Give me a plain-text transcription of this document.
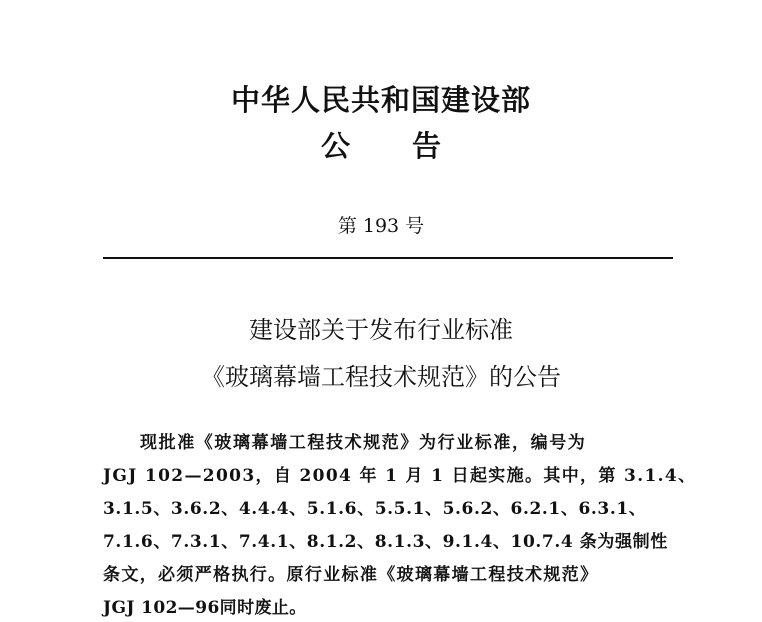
中华人民共和国建设部
公 告
第 193 号
建设部关于发布行业标准
《玻璃幕墙工程技术规范》的公告
现批准《玻璃幕墙工程技术规范》为行业标准，编号为
JGJ 102—2003，自 2004 年 1 月 1 日起实施。其中，第 3.1.4、
3.1.5、3.6.2、4.4.4、5.1.6、5.5.1、5.6.2、6.2.1、6.3.1、
7.1.6、7.3.1、7.4.1、8.1.2、8.1.3、9.1.4、10.7.4 条为强制性
条文，必须严格执行。原行业标准《玻璃幕墙工程技术规范》
JGJ 102—96同时废止。
